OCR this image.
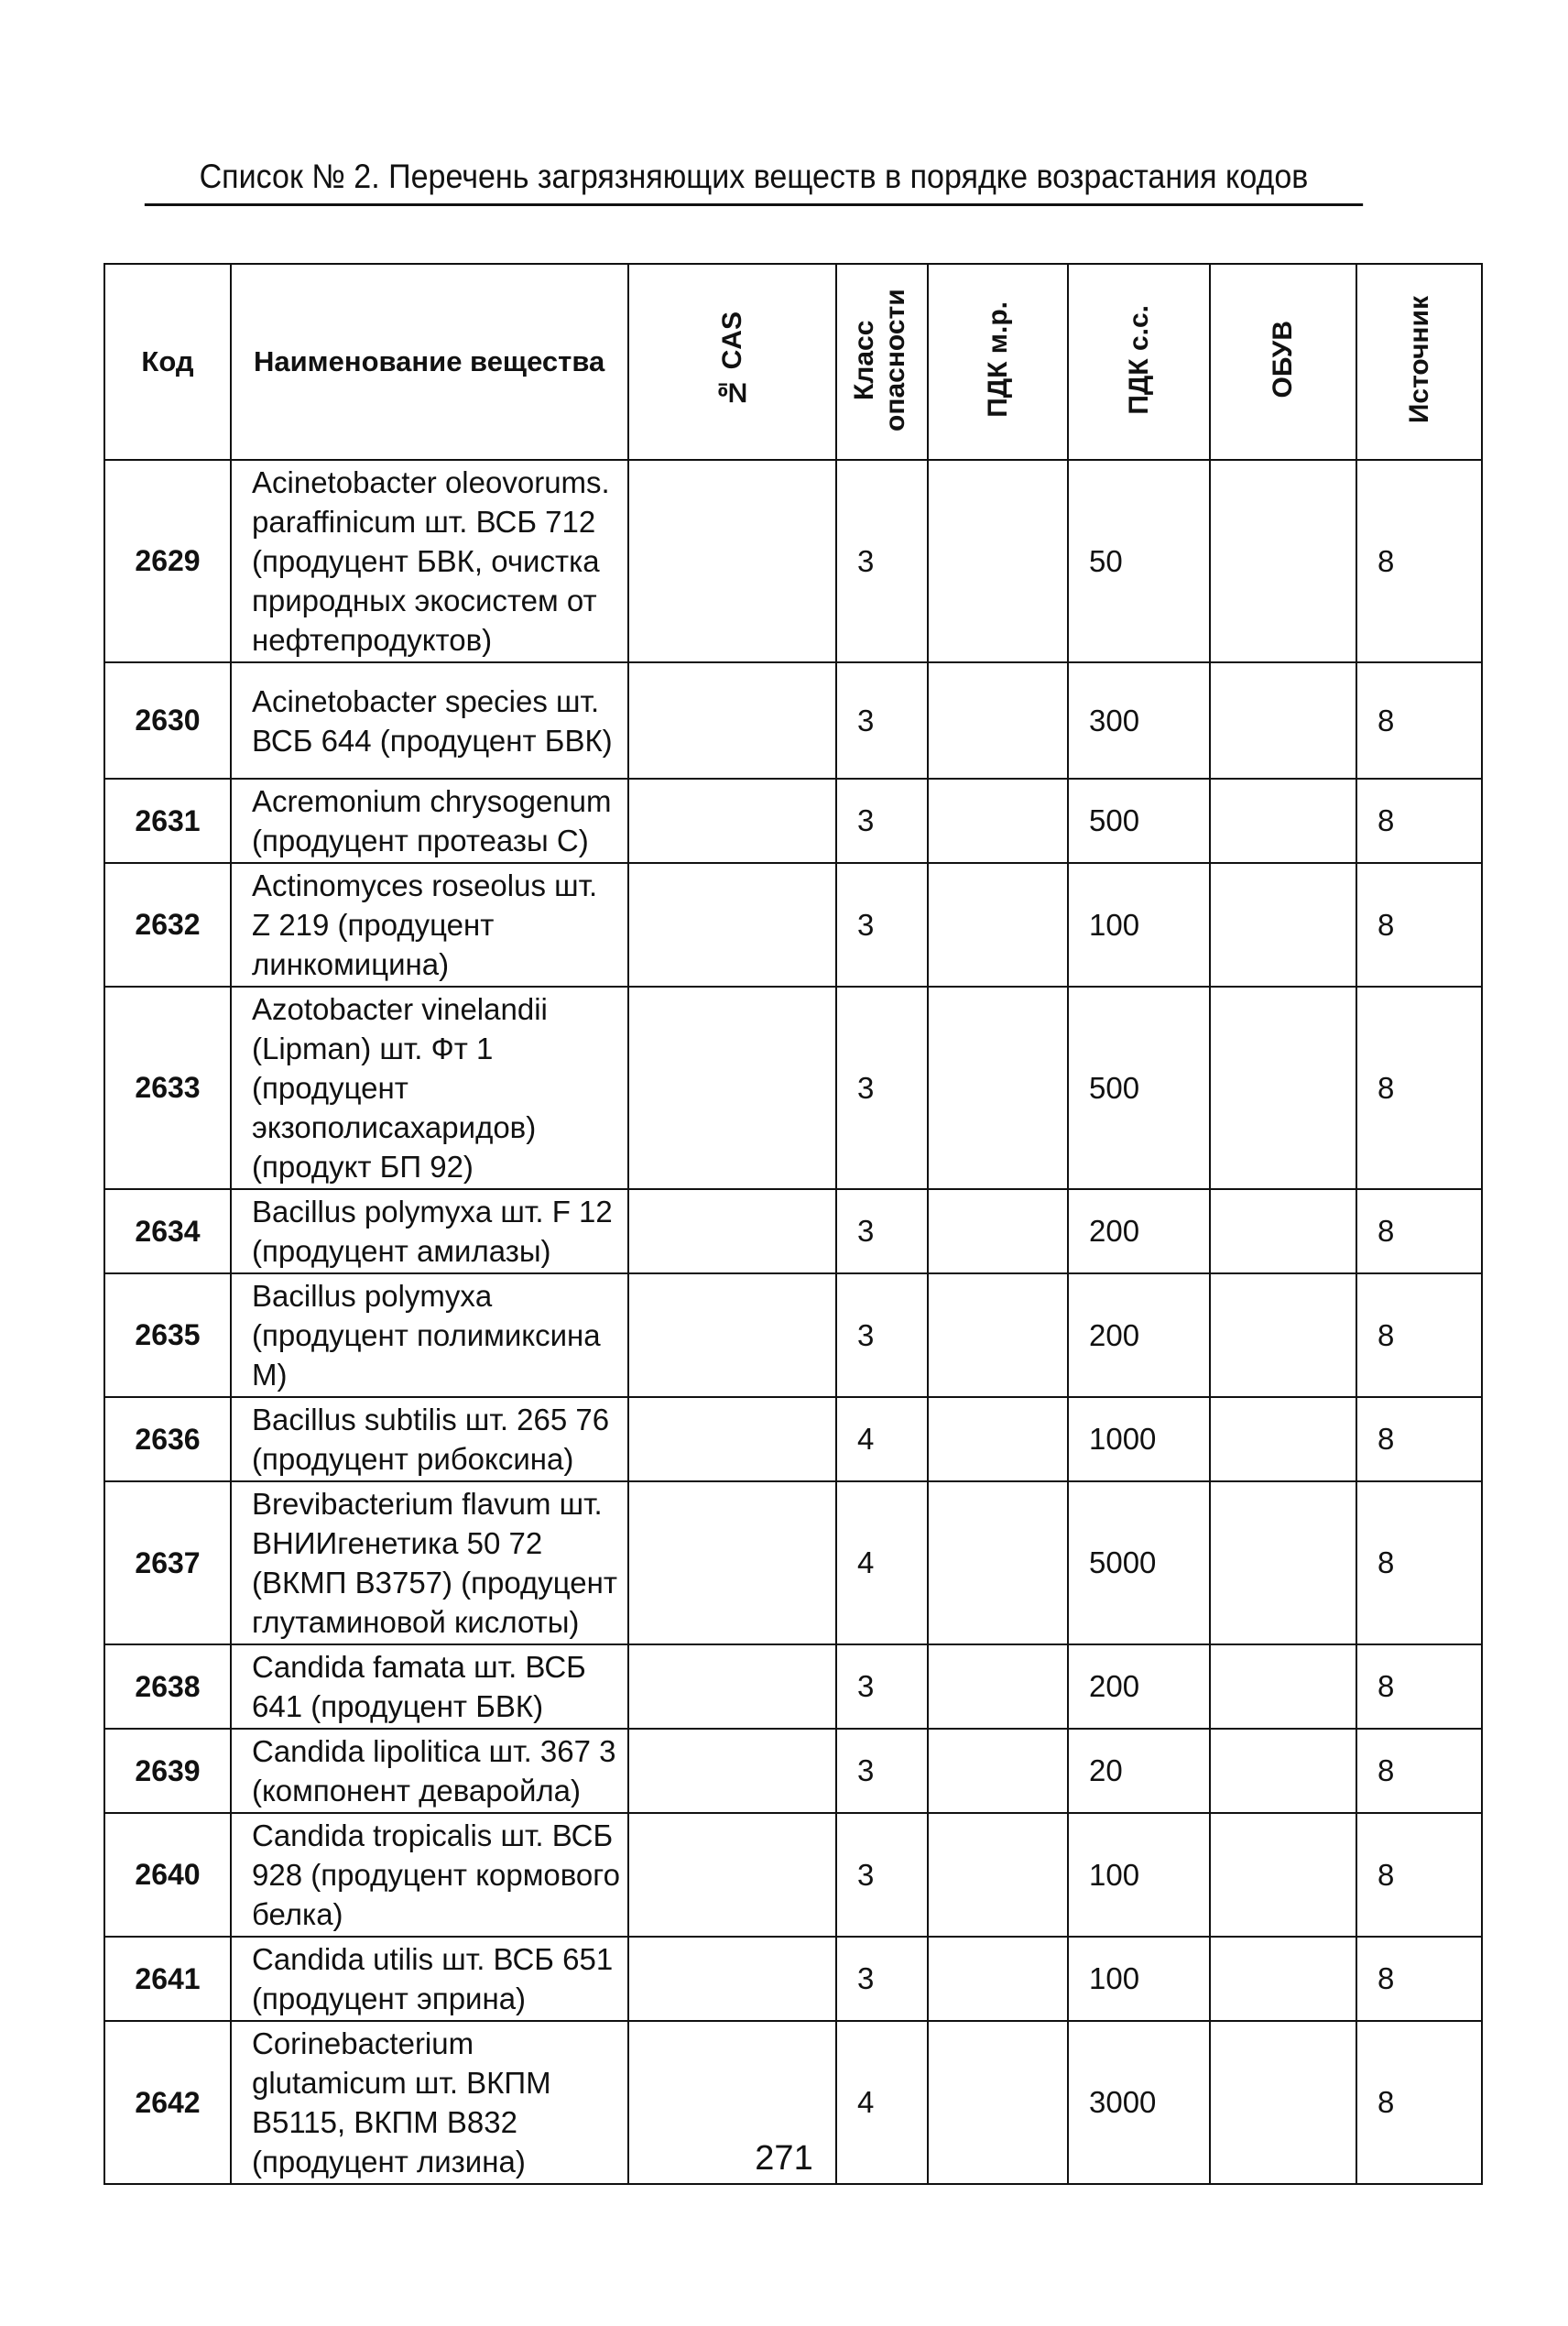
Список № 2. Перечень загрязняющих веществ в порядке возрастания кодов
Код	Наименование вещества	№ CAS	Класс опасности	ПДК м.р.	ПДК с.с.	ОБУВ	Источник
2629	Acinetobacter oleovorums. paraffinicum шт. ВСБ 712 (продуцент БВК, очистка природных экосистем от нефтепродуктов)		3		50		8
2630	Acinetobacter species шт. ВСБ 644 (продуцент БВК)		3		300		8
2631	Acremonium chrysogenum (продуцент протеазы С)		3		500		8
2632	Actinomyces roseolus шт. Z 219 (продуцент линкомицина)		3		100		8
2633	Azotobacter vinelandii (Lipman) шт. Фт 1 (продуцент экзополисахаридов) (продукт БП 92)		3		500		8
2634	Bacillus polymyxa шт. F 12 (продуцент амилазы)		3		200		8
2635	Bacillus polymyxa (продуцент полимиксина М)		3		200		8
2636	Bacillus subtilis шт. 265 76 (продуцент рибоксина)		4		1000		8
2637	Brevibacterium flavum шт. ВНИИгенетика 50 72 (ВКМП В3757) (продуцент глутаминовой кислоты)		4		5000		8
2638	Candida famata шт. ВСБ 641 (продуцент БВК)		3		200		8
2639	Candida lipolitica шт. 367 3 (компонент деваройла)		3		20		8
2640	Candida tropicalis шт. ВСБ 928 (продуцент кормового белка)		3		100		8
2641	Candida utilis шт. ВСБ 651 (продуцент эприна)		3		100		8
2642	Corinebacterium glutamicum шт. ВКПМ В5115, ВКПМ В832 (продуцент лизина)		4		3000		8
271
